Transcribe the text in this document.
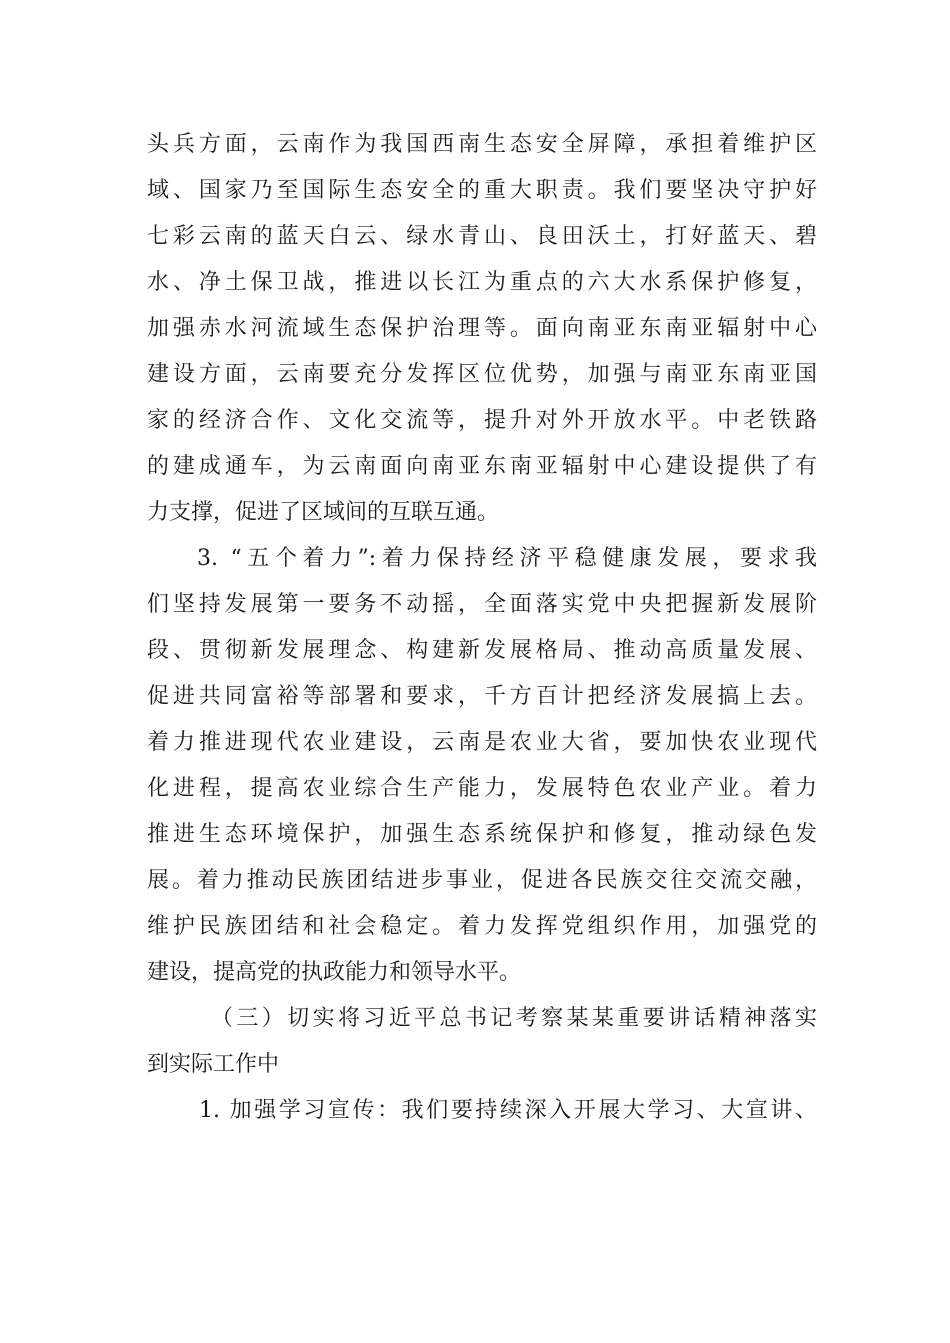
头兵方面，云南作为我国西南生态安全屏障，承担着维护区
域、国家乃至国际生态安全的重大职责。我们要坚决守护好
七彩云南的蓝天白云、绿水青山、良田沃土，打好蓝天、碧
水、净土保卫战，推进以长江为重点的六大水系保护修复，
加强赤水河流域生态保护治理等。面向南亚东南亚辐射中心
建设方面，云南要充分发挥区位优势，加强与南亚东南亚国
家的经济合作、文化交流等，提升对外开放水平。中老铁路
的建成通车，为云南面向南亚东南亚辐射中心建设提供了有
力支撑，促进了区域间的互联互通。
3. “五个着力”:着力保持经济平稳健康发展，要求我
们坚持发展第一要务不动摇，全面落实党中央把握新发展阶
段、贯彻新发展理念、构建新发展格局、推动高质量发展、
促进共同富裕等部署和要求，千方百计把经济发展搞上去。
着力推进现代农业建设，云南是农业大省，要加快农业现代
化进程，提高农业综合生产能力，发展特色农业产业。着力
推进生态环境保护，加强生态系统保护和修复，推动绿色发
展。着力推动民族团结进步事业，促进各民族交往交流交融，
维护民族团结和社会稳定。着力发挥党组织作用，加强党的
建设，提高党的执政能力和领导水平。
（三）切实将习近平总书记考察某某重要讲话精神落实
到实际工作中
1. 加强学习宣传：我们要持续深入开展大学习、大宣讲、
